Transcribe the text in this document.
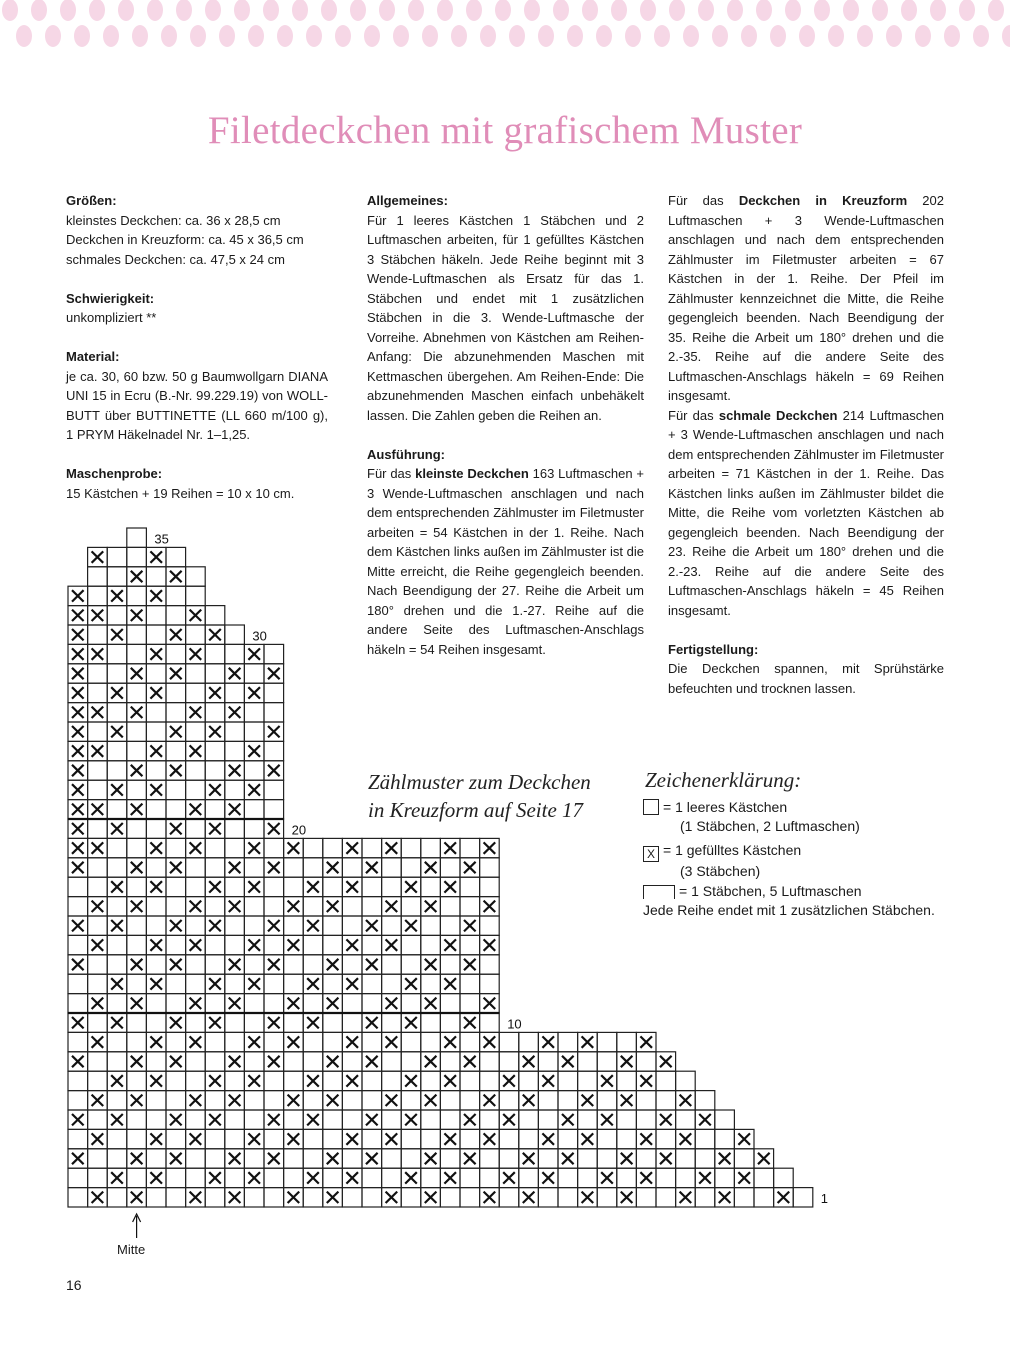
Filetdeckchen mit grafischem Muster

Größen:

kleinstes Deckchen: ca. 36 x 28,5 cm

Deckchen in Kreuzform: ca. 45 x 36,5 cm

schmales Deckchen: ca. 47,5 x 24 cm

Schwierigkeit:

unkompliziert **

Material:

je ca. 30, 60 bzw. 50 g Baumwollgarn DIANA UNI 15 in Ecru (B.-Nr. 99.229.19) von WOLL-BUTT über BUTTINETTE (LL 660 m/100 g), 1 PRYM Häkelnadel Nr. 1–1,25.

Maschenprobe:

15 Kästchen + 19 Reihen = 10 x 10 cm.

Allgemeines:

Für 1 leeres Kästchen 1 Stäbchen und 2 Luftmaschen arbeiten, für 1 gefülltes Kästchen 3 Stäbchen häkeln. Jede Reihe beginnt mit 3 Wende-Luftmaschen als Ersatz für das 1. Stäbchen und endet mit 1 zusätzlichen Stäbchen in die 3. Wende-Luftmasche der Vorreihe. Abnehmen von Kästchen am Reihen-Anfang: Die abzunehmenden Maschen mit Kettmaschen übergehen. Am Reihen-Ende: Die abzunehmenden Maschen einfach unbehäkelt lassen. Die Zahlen geben die Reihen an.

Ausführung:

Für das kleinste Deckchen 163 Luftmaschen + 3 Wende-Luftmaschen anschlagen und nach dem entsprechenden Zählmuster im Filetmuster arbeiten = 54 Kästchen in der 1. Reihe. Nach dem Kästchen links außen im Zählmuster ist die Mitte erreicht, die Reihe gegengleich beenden. Nach Beendigung der 27. Reihe die Arbeit um 180° drehen und die 1.-27. Reihe auf die andere Seite des Luftmaschen-Anschlags häkeln = 54 Reihen insgesamt.

Für das Deckchen in Kreuzform 202 Luftmaschen + 3 Wende-Luftmaschen anschlagen und nach dem entsprechenden Zählmuster im Filetmuster arbeiten = 67 Kästchen in der 1. Reihe. Der Pfeil im Zählmuster kennzeichnet die Mitte, die Reihe gegengleich beenden. Nach Beendigung der 35. Reihe die Arbeit um 180° drehen und die 2.-35. Reihe auf die andere Seite des Luftmaschen-Anschlags häkeln = 69 Reihen insgesamt.

Für das schmale Deckchen 214 Luftmaschen + 3 Wende-Luftmaschen anschlagen und nach dem entsprechenden Zählmuster im Filetmuster arbeiten = 71 Kästchen in der 1. Reihe. Das Kästchen links außen im Zählmuster bildet die Mitte, die Reihe vom vorletzten Kästchen ab gegengleich beenden. Nach Beendigung der 23. Reihe die Arbeit um 180° drehen und die 2.-23. Reihe auf die andere Seite des Luftmaschen-Anschlags häkeln = 45 Reihen insgesamt.

Fertigstellung:

Die Deckchen spannen, mit Sprühstärke befeuchten und trocknen lassen.

Zählmuster zum Deckchen
in Kreuzform auf Seite 17
Zeichenerklärung:
= 1 leeres Kästchen
(1 Stäbchen, 2 Luftmaschen)
X = 1 gefülltes Kästchen
(3 Stäbchen)
= 1 Stäbchen, 5 Luftmaschen
Jede Reihe endet mit 1 zusätzlichen Stäbchen.
35
30
20
10
1
Mitte
16
